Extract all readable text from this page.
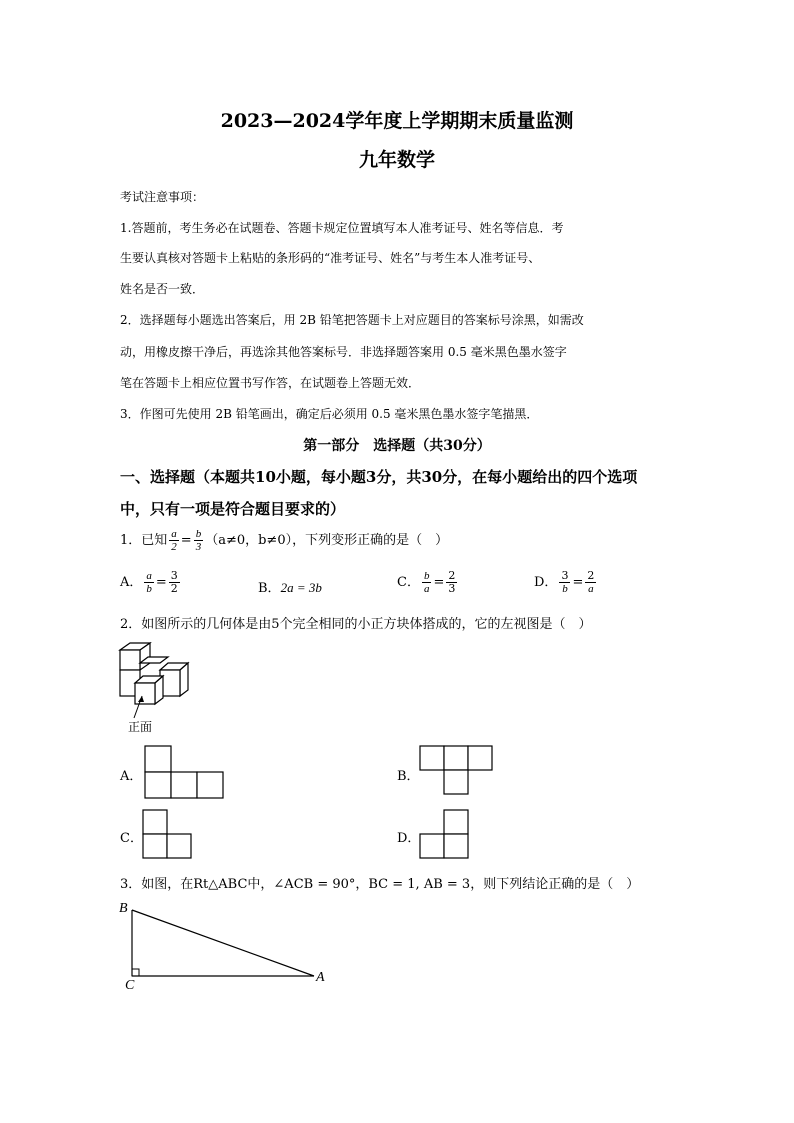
2023—2024学年度上学期期末质量监测
九年数学
考试注意事项：
1.答题前，考生务必在试题卷、答题卡规定位置填写本人准考证号、姓名等信息．考
生要认真核对答题卡上粘贴的条形码的“准考证号、姓名”与考生本人准考证号、
姓名是否一致．
2．选择题每小题选出答案后，用 2B 铅笔把答题卡上对应题目的答案标号涂黑，如需改
动，用橡皮擦干净后，再选涂其他答案标号．非选择题答案用 0.5 毫米黑色墨水签字
笔在答题卡上相应位置书写作答，在试题卷上答题无效．
3．作图可先使用 2B 铅笔画出，确定后必须用 0.5 毫米黑色墨水签字笔描黑．
第一部分　选择题（共30分）
一、选择题（本题共10小题，每小题3分，共30分，在每小题给出的四个选项
中，只有一项是符合题目要求的）
1．已知 $\frac{a}{2} = \frac{b}{3} (a\ne 0$，b≠0），下列变形正确的是（　）
A． $\frac{a}{b} = \frac{3}{2}$	B．2a = 3b	C． $\frac{b}{a} = \frac{2}{3}$	D． $\frac{3}{b} = \frac{2}{a}$
2．如图所示的几何体是由5个完全相同的小正方块体搭成的，它的左视图是（　）
正面
A．	B．
C．	D．
3．如图，在Rt△ABC中，∠ACB = 90°，BC = 1, AB = 3，则下列结论正确的是（　）
B
C
A
